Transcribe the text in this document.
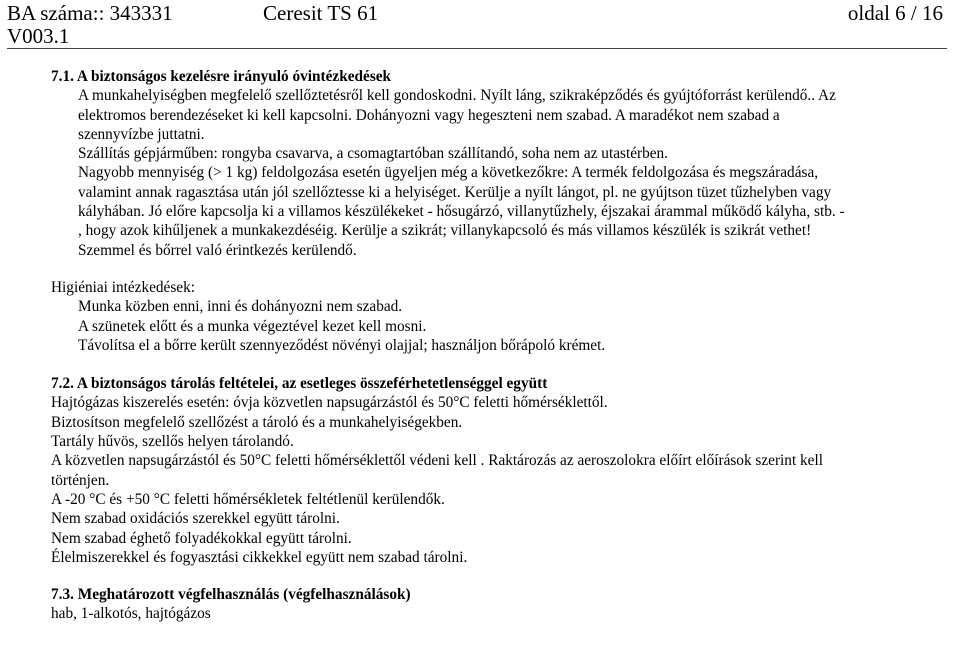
BA száma:: 343331	Ceresit TS 61	oldal 6 / 16
V003.1
7.1. A biztonságos kezelésre irányuló óvintézkedések
A munkahelyiségben megfelelő szellőztetésről kell gondoskodni. Nyílt láng, szikraképződés és gyújtóforrást kerülendő.. Az
elektromos berendezéseket ki kell kapcsolni. Dohányozni vagy hegeszteni nem szabad. A maradékot nem szabad a
szennyvízbe juttatni.
Szállítás gépjárműben: rongyba csavarva, a csomagtartóban szállítandó, soha nem az utastérben.
Nagyobb mennyiség (> 1 kg) feldolgozása esetén ügyeljen még a következőkre: A termék feldolgozása és megszáradása,
valamint annak ragasztása után jól szellőztesse ki a helyiséget. Kerülje a nyílt lángot, pl. ne gyújtson tüzet tűzhelyben vagy
kályhában. Jó előre kapcsolja ki a villamos készülékeket - hősugárzó, villanytűzhely, éjszakai árammal működő kályha, stb. -
, hogy azok kihűljenek a munkakezdéséig. Kerülje a szikrát; villanykapcsoló és más villamos készülék is szikrát vethet!
Szemmel és bőrrel való érintkezés kerülendő.
Higiéniai intézkedések:
Munka közben enni, inni és dohányozni nem szabad.
A szünetek előtt és a munka végeztével kezet kell mosni.
Távolítsa el a bőrre került szennyeződést növényi olajjal; használjon bőrápoló krémet.
7.2. A biztonságos tárolás feltételei, az esetleges összeférhetetlenséggel együtt
Hajtógázas kiszerelés esetén: óvja közvetlen napsugárzástól és 50°C feletti hőmérséklettől.
Biztosítson megfelelő szellőzést a tároló és a munkahelyiségekben.
Tartály hűvös, szellős helyen tárolandó.
A közvetlen napsugárzástól és 50°C feletti hőmérséklettől védeni kell . Raktározás az aeroszolokra előírt előírások szerint kell
történjen.
A -20 °C és +50 °C feletti hőmérsékletek feltétlenül kerülendők.
Nem szabad oxidációs szerekkel együtt tárolni.
Nem szabad éghető folyadékokkal együtt tárolni.
Élelmiszerekkel és fogyasztási cikkekkel együtt nem szabad tárolni.
7.3. Meghatározott végfelhasználás (végfelhasználások)
hab, 1-alkotós, hajtógázos
